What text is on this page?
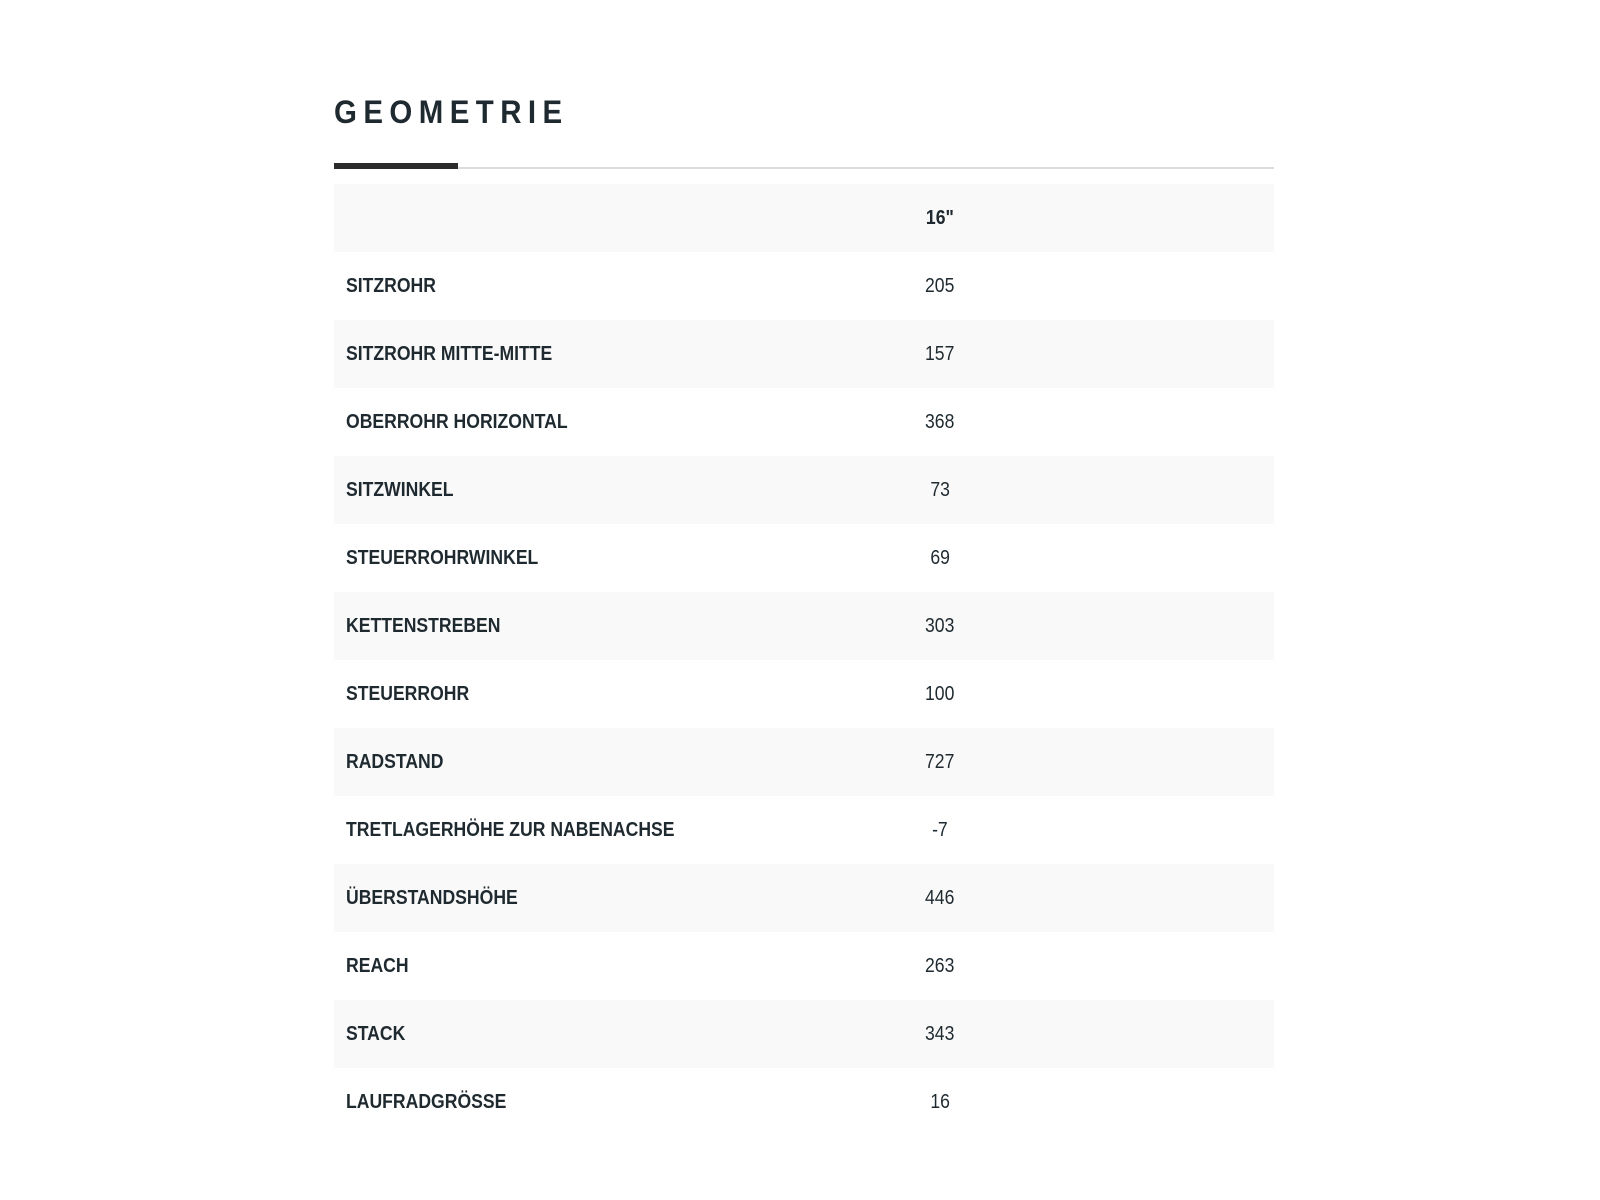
GEOMETRIE
	16"	
SITZROHR	205	
SITZROHR MITTE-MITTE	157	
OBERROHR HORIZONTAL	368	
SITZWINKEL	73	
STEUERROHRWINKEL	69	
KETTENSTREBEN	303	
STEUERROHR	100	
RADSTAND	727	
TRETLAGERHÖHE ZUR NABENACHSE	-7	
ÜBERSTANDSHÖHE	446	
REACH	263	
STACK	343	
LAUFRADGRÖSSE	16	
